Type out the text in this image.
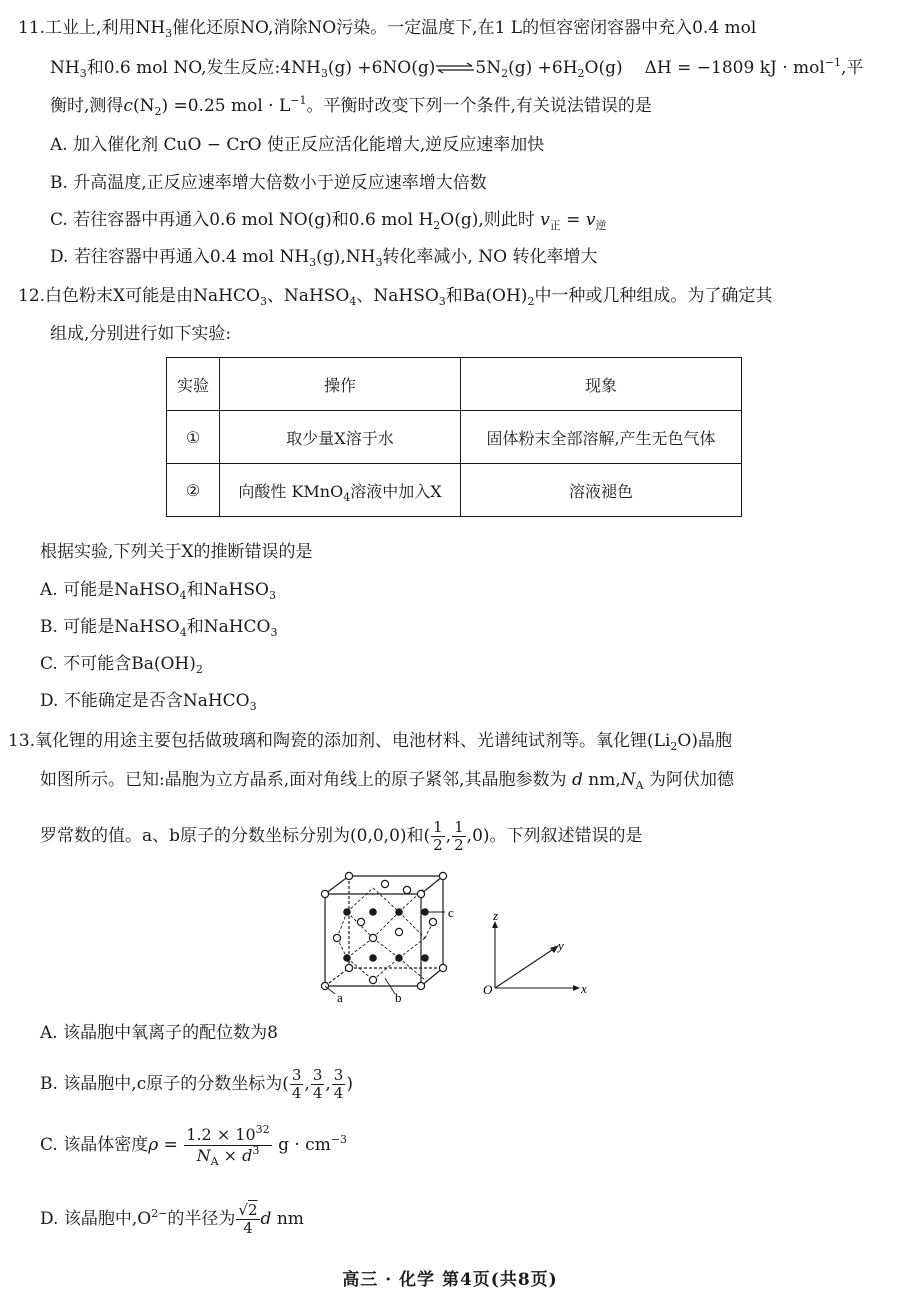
11.工业上,利用$NH_3$催化还原NO,消除NO污染。一定温度下,在1 L的恒容密闭容器中充入0.4 mol
$NH_3$和0.6 mol NO,发生反应$:4NH_3(g)$ $+6NO(g)\rightleftharpoons 5N_2(g) +6H_2O(g) \Delta H = -1809$ kJ · mol$^{-1}$,平
衡时,测得$c(N_2) =0.25$ mol · $L^{-1}$。平衡时改变下列一个条件,有关说法错误的是
A. 加入催化剂 CuO − CrO 使正反应活化能增大,逆反应速率加快
B. 升高温度,正反应速率增大倍数小于逆反应速率增大倍数
C. 若往容器中再通入0.6 mol NO(g)和0.6 mol $H_2O(g)$,则此时 $v_正 = v_逆$
D. 若往容器中再通入0.4 mol $NH_3(g),NH_3$转化率减小, NO 转化率增大
12.白色粉末X可能是由NaHCO$_3$、NaHSO$_4$、NaHSO$_3$和$Ba(OH)_2$中一种或几种组成。为了确定其
组成,分别进行如下实验:
实验	操作	现象
①	取少量X溶于水	固体粉末全部溶解,产生无色气体
②	向酸性 KMnO$_4$溶液中加入X	溶液褪色
根据实验,下列关于X的推断错误的是
A. 可能是NaHSO$_4$和NaHSO$_3$
B. 可能是NaHSO$_4$和NaHCO$_3$
C. 不可能含$Ba(OH)_2$
D. 不能确定是否含NaHCO$_3$
13.氧化锂的用途主要包括做玻璃和陶瓷的添加剂、电池材料、光谱纯试剂等。氧化锂$(Li_2O)$晶胞
如图所示。已知:晶胞为立方晶系,面对角线上的原子紧邻,其晶胞参数为 d $nm,N_A$ 为阿伏加德
罗常数的值。a、b原子的分数坐标分别为(0,0,0)和( $\frac{1}{2}$ , $\frac{1}{2} ,0$)。下列叙述错误的是
c
a	b
z
y
x
O
A. 该晶胞中氧离子的配位数为8
B. 该晶胞中,c原子的分数坐标为( $\frac{3}{4}$ , $\frac{3}{4}$ , $\frac{3}{4}$ )
C. 该晶体密度$\rho = \frac{1.2 \times 10^{32}}{N_A \times d^3}$ $g \cdot cm^{-3}$
D. 该晶胞中$,O^{2-}$的半径为 $\frac{√2}{4}$ d nm
高三 · 化学 第4页(共8页)
